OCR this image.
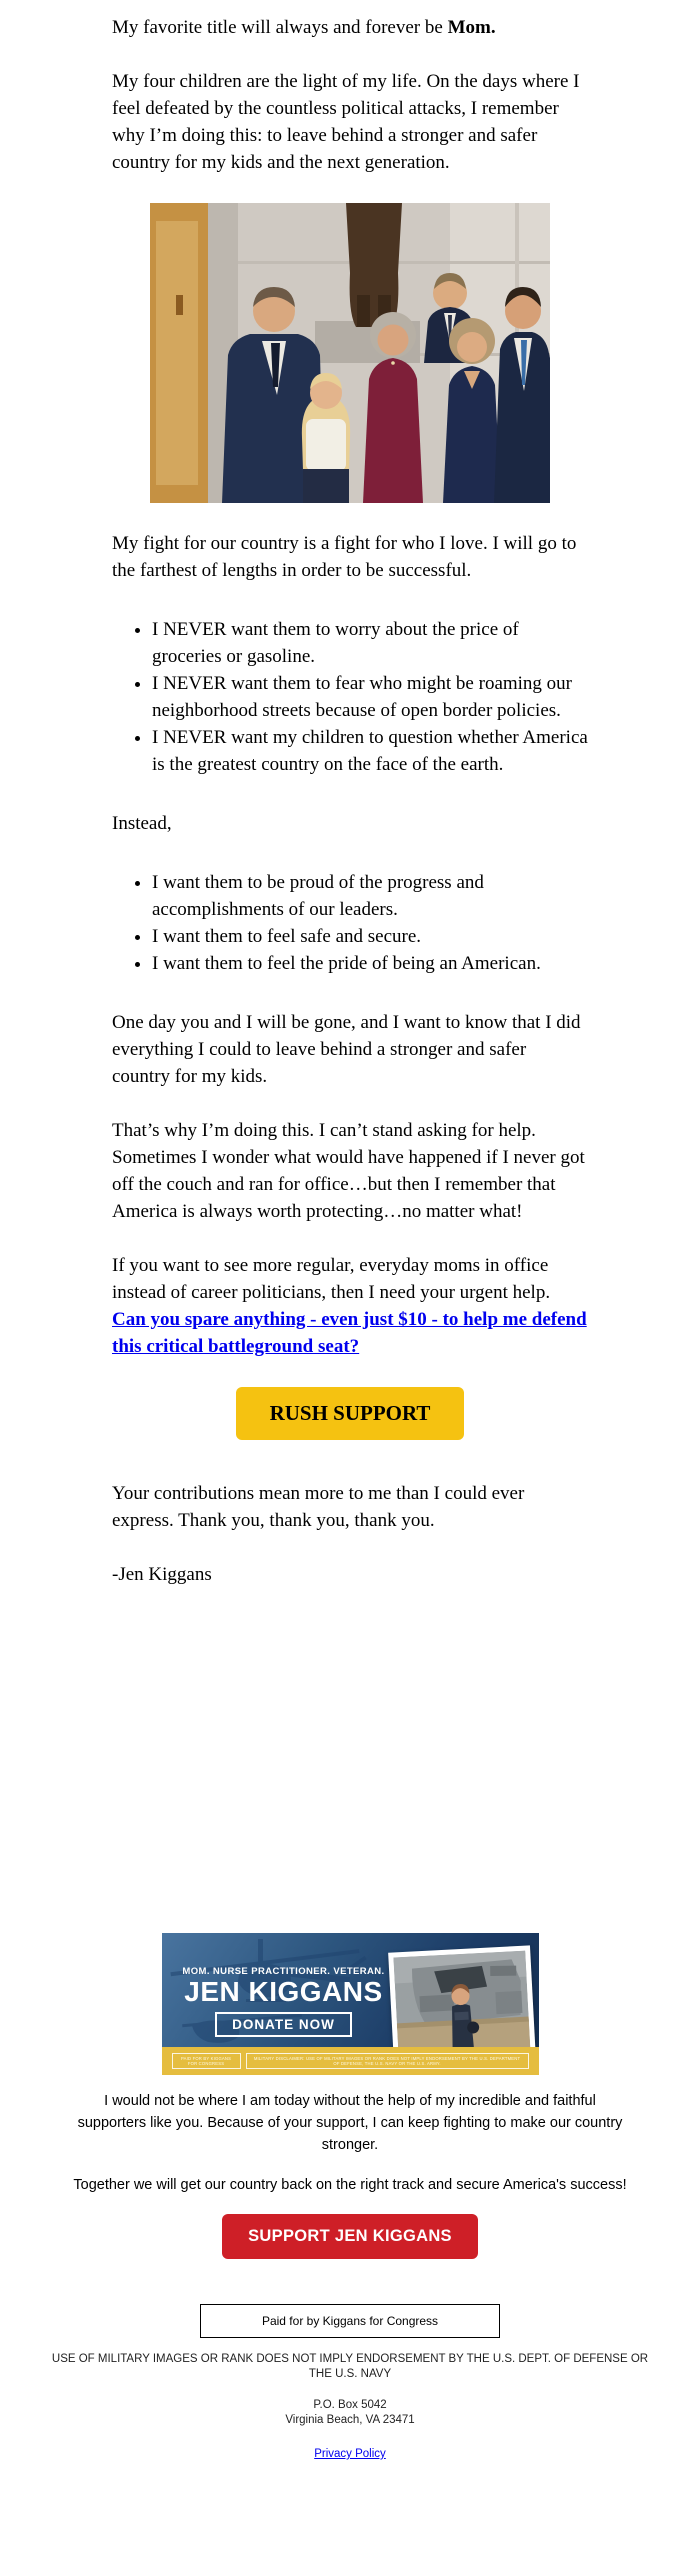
My favorite title will always and forever be Mom.

My four children are the light of my life. On the days where I feel defeated by the countless political attacks, I remember why I’m doing this: to leave behind a stronger and safer country for my kids and the next generation.

My fight for our country is a fight for who I love. I will go to the farthest of lengths in order to be successful.

• I NEVER want them to worry about the price of groceries or gasoline.
• I NEVER want them to fear who might be roaming our neighborhood streets because of open border policies.
• I NEVER want my children to question whether America is the greatest country on the face of the earth.

Instead,

• I want them to be proud of the progress and accomplishments of our leaders.
• I want them to feel safe and secure.
• I want them to feel the pride of being an American.

One day you and I will be gone, and I want to know that I did everything I could to leave behind a stronger and safer country for my kids.

That’s why I’m doing this. I can’t stand asking for help. Sometimes I wonder what would have happened if I never got off the couch and ran for office…but then I remember that America is always worth protecting…no matter what!

If you want to see more regular, everyday moms in office instead of career politicians, then I need your urgent help. Can you spare anything - even just $10 - to help me defend this critical battleground seat?

RUSH SUPPORT

Your contributions mean more to me than I could ever express. Thank you, thank you, thank you.

-Jen Kiggans

MOM. NURSE PRACTITIONER. VETERAN.
JEN KIGGANS
DONATE NOW
PAID FOR BY KIGGANS FOR CONGRESS
MILITARY DISCLAIMER: USE OF MILITARY IMAGES OR RANK DOES NOT IMPLY ENDORSEMENT BY THE U.S. DEPARTMENT OF DEFENSE, THE U.S. NAVY OR THE U.S. ARMY.

I would not be where I am today without the help of my incredible and faithful supporters like you. Because of your support, I can keep fighting to make our country stronger.

Together we will get our country back on the right track and secure America's success!

SUPPORT JEN KIGGANS
Paid for by Kiggans for Congress
USE OF MILITARY IMAGES OR RANK DOES NOT IMPLY ENDORSEMENT BY THE U.S. DEPT. OF DEFENSE OR THE U.S. NAVY
P.O. Box 5042
Virginia Beach, VA 23471
Privacy Policy
